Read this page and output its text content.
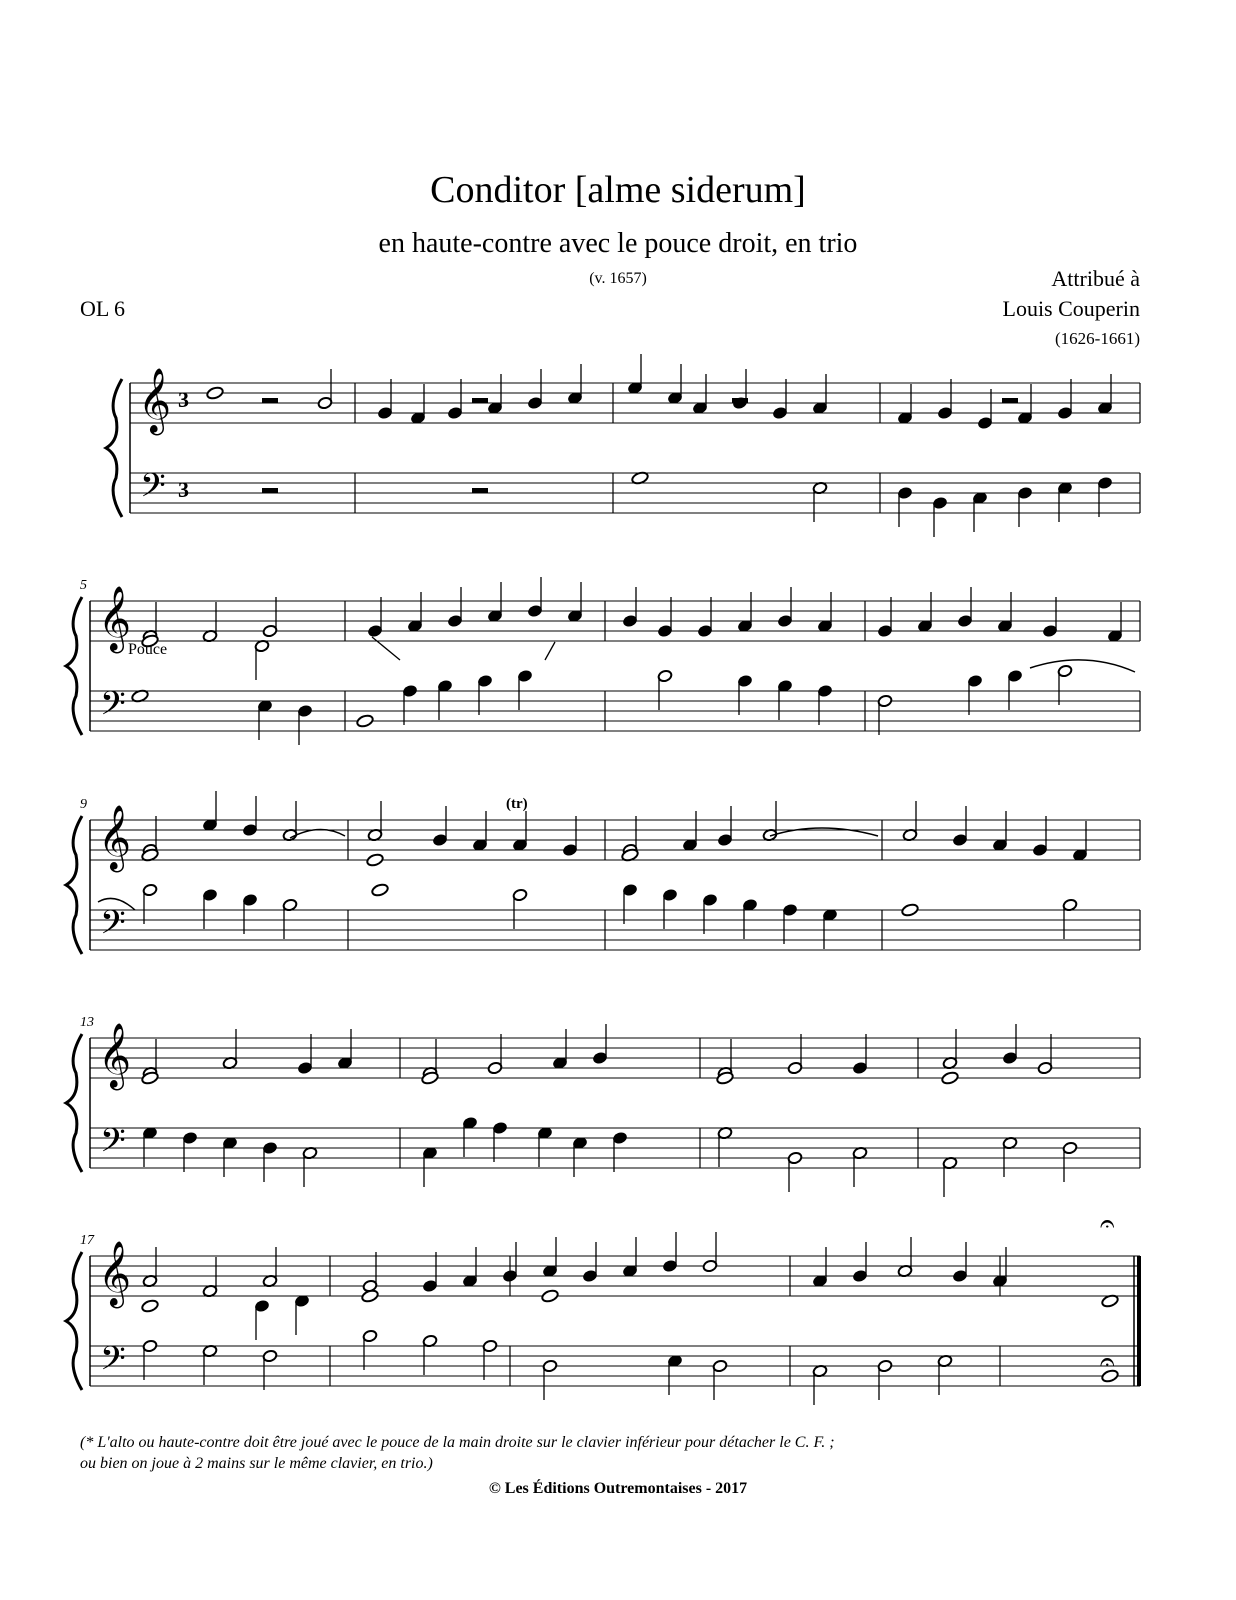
Conditor [alme siderum]
en haute-contre avec le pouce droit, en trio
(v. 1657)
OL 6
Attribué à
Louis Couperin
(1626-1661)
𝄞
𝄢
3
3
𝄞
𝄢
5
𝄞
𝄢
9
𝄞
𝄢
13
𝄞
𝄢
17
Pouce
(tr)
𝄐
𝄐
(* L'alto ou haute-contre doit être joué avec le pouce de la main droite sur le clavier inférieur pour détacher le C. F. ;
ou bien on joue à 2 mains sur le même clavier, en trio.)
© Les Éditions Outremontaises - 2017
